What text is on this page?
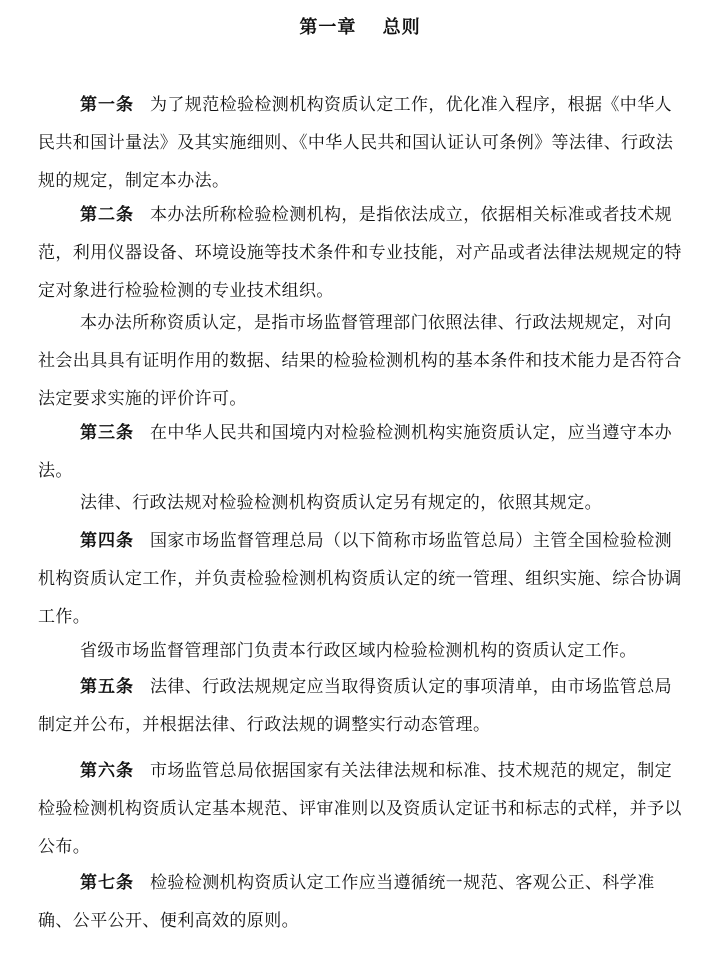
第一章　 总则
第一条 为了规范检验检测机构资质认定工作，优化准入程序，根据《中华人民共和国计量法》及其实施细则、《中华人民共和国认证认可条例》等法律、行政法规的规定，制定本办法。
第二条 本办法所称检验检测机构，是指依法成立，依据相关标准或者技术规范，利用仪器设备、环境设施等技术条件和专业技能，对产品或者法律法规规定的特定对象进行检验检测的专业技术组织。
本办法所称资质认定，是指市场监督管理部门依照法律、行政法规规定，对向社会出具具有证明作用的数据、结果的检验检测机构的基本条件和技术能力是否符合法定要求实施的评价许可。
第三条 在中华人民共和国境内对检验检测机构实施资质认定，应当遵守本办法。
法律、行政法规对检验检测机构资质认定另有规定的，依照其规定。
第四条 国家市场监督管理总局（以下简称市场监管总局）主管全国检验检测机构资质认定工作，并负责检验检测机构资质认定的统一管理、组织实施、综合协调工作。
省级市场监督管理部门负责本行政区域内检验检测机构的资质认定工作。
第五条 法律、行政法规规定应当取得资质认定的事项清单，由市场监管总局制定并公布，并根据法律、行政法规的调整实行动态管理。
第六条 市场监管总局依据国家有关法律法规和标准、技术规范的规定，制定检验检测机构资质认定基本规范、评审准则以及资质认定证书和标志的式样，并予以公布。
第七条 检验检测机构资质认定工作应当遵循统一规范、客观公正、科学准确、公平公开、便利高效的原则。
